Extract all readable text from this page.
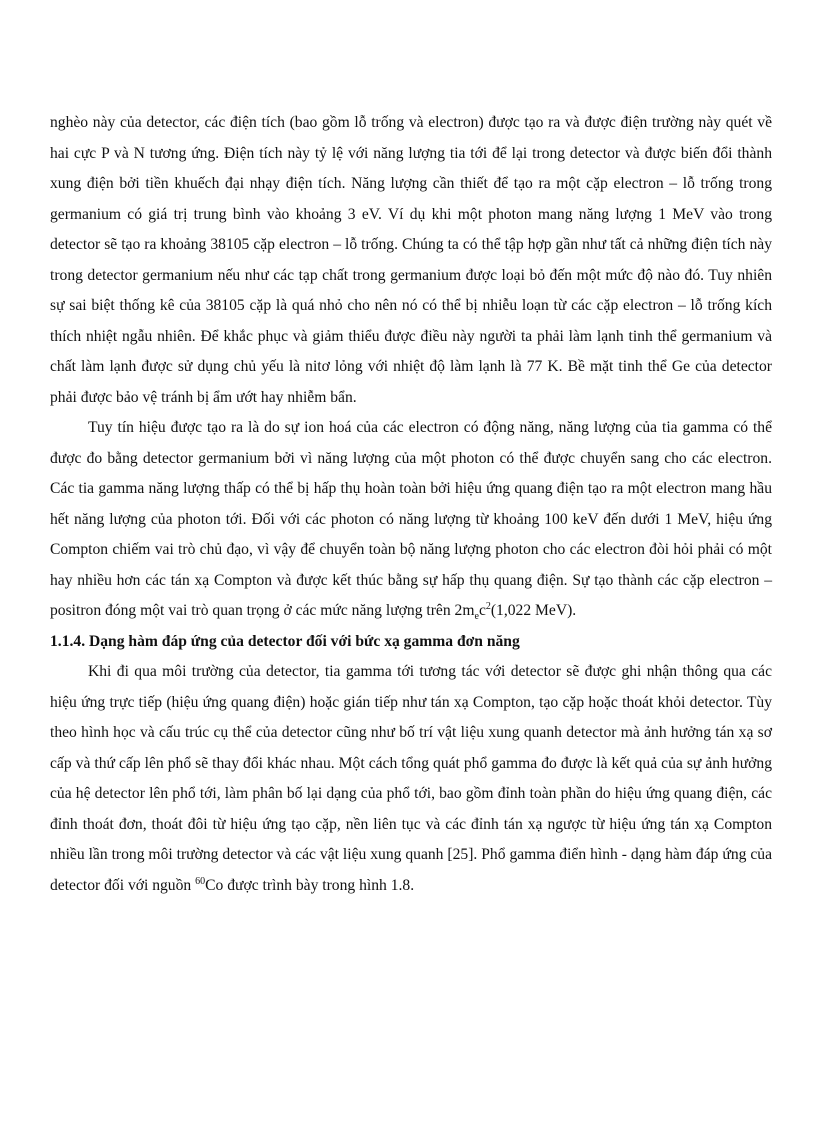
nghèo này của detector, các điện tích (bao gồm lỗ trống và electron) được tạo ra và được điện trường này quét về hai cực P và N tương ứng. Điện tích này tỷ lệ với năng lượng tia tới để lại trong detector và được biến đổi thành xung điện bởi tiền khuếch đại nhạy điện tích. Năng lượng cần thiết để tạo ra một cặp electron – lỗ trống trong germanium có giá trị trung bình vào khoảng 3 eV. Ví dụ khi một photon mang năng lượng 1 MeV vào trong detector sẽ tạo ra khoảng 38105 cặp electron – lỗ trống. Chúng ta có thể tập hợp gần như tất cả những điện tích này trong detector germanium nếu như các tạp chất trong germanium được loại bỏ đến một mức độ nào đó. Tuy nhiên sự sai biệt thống kê của 38105 cặp là quá nhỏ cho nên nó có thể bị nhiễu loạn từ các cặp electron – lỗ trống kích thích nhiệt ngẫu nhiên. Để khắc phục và giảm thiểu được điều này người ta phải làm lạnh tinh thể germanium và chất làm lạnh được sử dụng chủ yếu là nitơ lỏng với nhiệt độ làm lạnh là 77 K. Bề mặt tinh thể Ge của detector phải được bảo vệ tránh bị ẩm ướt hay nhiễm bẩn.

Tuy tín hiệu được tạo ra là do sự ion hoá của các electron có động năng, năng lượng của tia gamma có thể được đo bằng detector germanium bởi vì năng lượng của một photon có thể được chuyển sang cho các electron. Các tia gamma năng lượng thấp có thể bị hấp thụ hoàn toàn bởi hiệu ứng quang điện tạo ra một electron mang hầu hết năng lượng của photon tới. Đối với các photon có năng lượng từ khoảng 100 keV đến dưới 1 MeV, hiệu ứng Compton chiếm vai trò chủ đạo, vì vậy để chuyển toàn bộ năng lượng photon cho các electron đòi hỏi phải có một hay nhiều hơn các tán xạ Compton và được kết thúc bằng sự hấp thụ quang điện. Sự tạo thành các cặp electron – positron đóng một vai trò quan trọng ở các mức năng lượng trên $2m_ec^2(1,022$ MeV).

1.1.4. Dạng hàm đáp ứng của detector đối với bức xạ gamma đơn năng

Khi đi qua môi trường của detector, tia gamma tới tương tác với detector sẽ được ghi nhận thông qua các hiệu ứng trực tiếp (hiệu ứng quang điện) hoặc gián tiếp như tán xạ Compton, tạo cặp hoặc thoát khỏi detector. Tùy theo hình học và cấu trúc cụ thể của detector cũng như bố trí vật liệu xung quanh detector mà ảnh hưởng tán xạ sơ cấp và thứ cấp lên phổ sẽ thay đổi khác nhau. Một cách tổng quát phổ gamma đo được là kết quả của sự ảnh hưởng của hệ detector lên phổ tới, làm phân bố lại dạng của phổ tới, bao gồm đỉnh toàn phần do hiệu ứng quang điện, các đỉnh thoát đơn, thoát đôi từ hiệu ứng tạo cặp, nền liên tục và các đỉnh tán xạ ngược từ hiệu ứng tán xạ Compton nhiều lần trong môi trường detector và các vật liệu xung quanh [25]. Phổ gamma điển hình - dạng hàm đáp ứng của detector đối với nguồn $^{60}$Co được trình bày trong hình 1.8.
